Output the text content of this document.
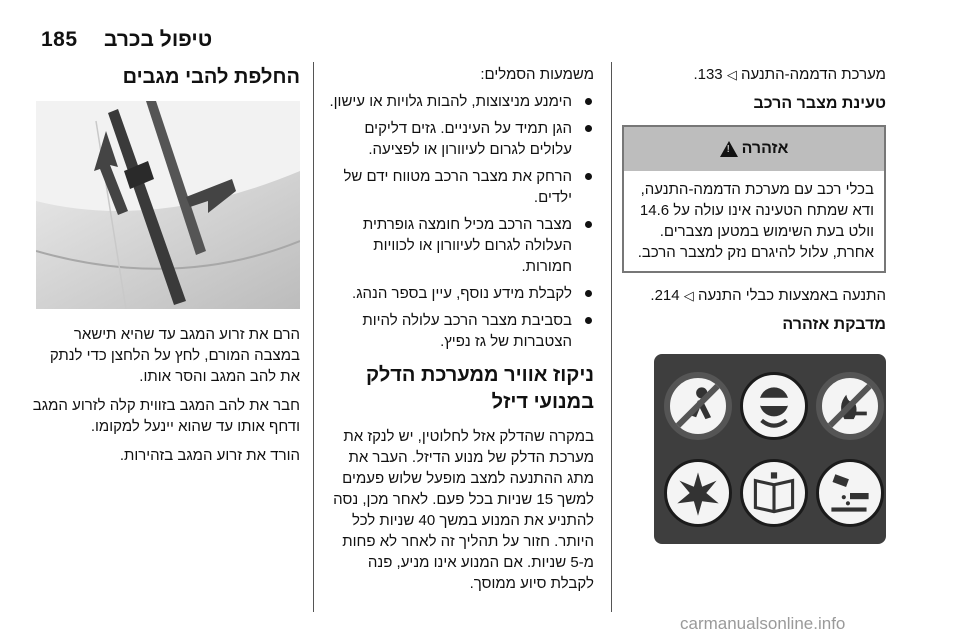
185 טיפול בכרב
החלפת להבי מגבים

הרם את זרוע המגב עד שהיא תישאר במצבה המורם, לחץ על הלחצן כדי לנתק את להב המגב והסר אותו.

חבר את להב המגב בזווית קלה לזרוע המגב ודחף אותו עד שהוא יינעל למקומו.

הורד את זרוע המגב בזהירות.

משמעות הסמלים:

הימנע מניצוצות, להבות גלויות או עישון.
הגן תמיד על העיניים. גזים דליקים עלולים לגרום לעיוורון או לפציעה.
הרחק את מצבר הרכב מטווח ידם של ילדים.
מצבר הרכב מכיל חומצה גופרתית העלולה לגרום לעיוורון או לכוויות חמורות.
לקבלת מידע נוסף, עיין בספר הנהג.
בסביבת מצבר הרכב עלולה להיות הצטברות של גז נפיץ.
ניקוז אוויר ממערכת הדלק במנועי דיזל

במקרה שהדלק אזל לחלוטין, יש לנקז את מערכת הדלק של מנוע הדיזל. העבר את מתג ההתנעה למצב מופעל שלוש פעמים למשך 15 שניות בכל פעם. לאחר מכן, נסה להתניע את המנוע במשך 40 שניות לכל היותר. חזור על תהליך זה לאחר לא פחות מ-5 שניות. אם המנוע אינו מניע, פנה לקבלת סיוע ממוסך.

מערכת הדממה-התנעה ◁ 133.

טעינת מצבר הרכב
אזהרה
!
בכלי רכב עם מערכת הדממה-התנעה, ודא שמתח הטעינה אינו עולה על 14.6 וולט בעת השימוש במטען מצברים. אחרת, עלול להיגרם נזק למצבר הרכב.

התנעה באמצעות כבלי התנעה ◁ 214.

מדבקת אזהרה
carmanualsonline.info
